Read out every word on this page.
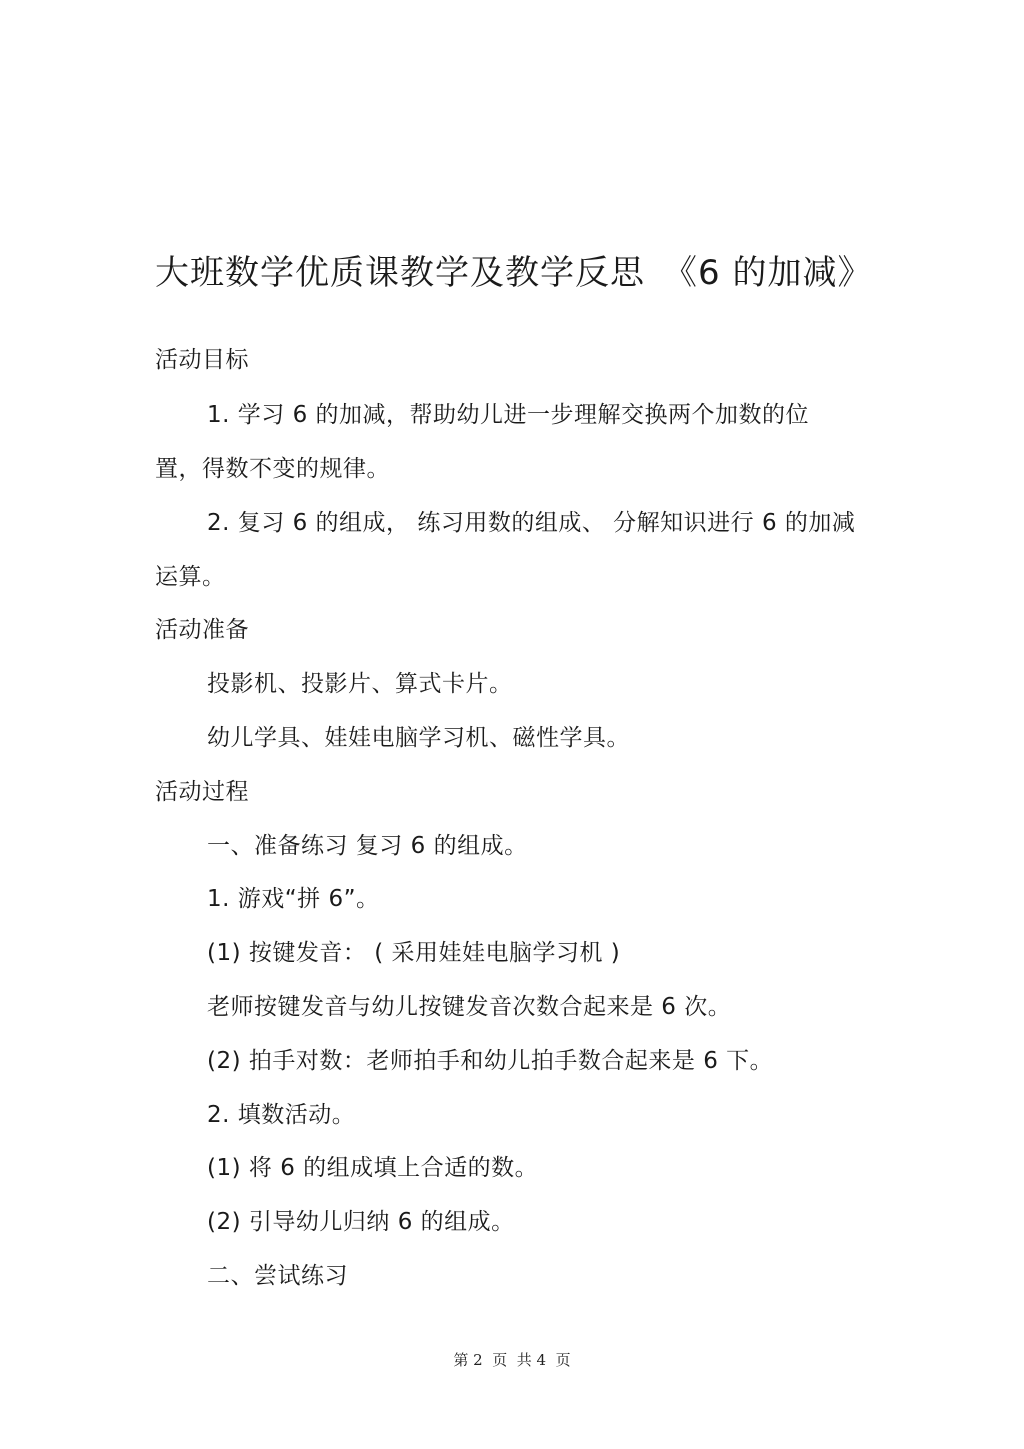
大班数学优质课教学及教学反思　《6 的加减》
活动目标
1. 学习 6 的加减，帮助幼儿进一步理解交换两个加数的位
置，得数不变的规律。
2. 复习 6 的组成， 练习用数的组成、 分解知识进行 6 的加减
运算。
活动准备
投影机、投影片、算式卡片。
幼儿学具、娃娃电脑学习机、磁性学具。
活动过程
一、准备练习 复习 6 的组成。
1. 游戏“拼 6”。
(1) 按键发音： ( 采用娃娃电脑学习机 )
老师按键发音与幼儿按键发音次数合起来是 6 次。
(2) 拍手对数：老师拍手和幼儿拍手数合起来是 6 下。
2. 填数活动。
(1) 将 6 的组成填上合适的数。
(2) 引导幼儿归纳 6 的组成。
二、尝试练习
第 2  页  共 4  页
